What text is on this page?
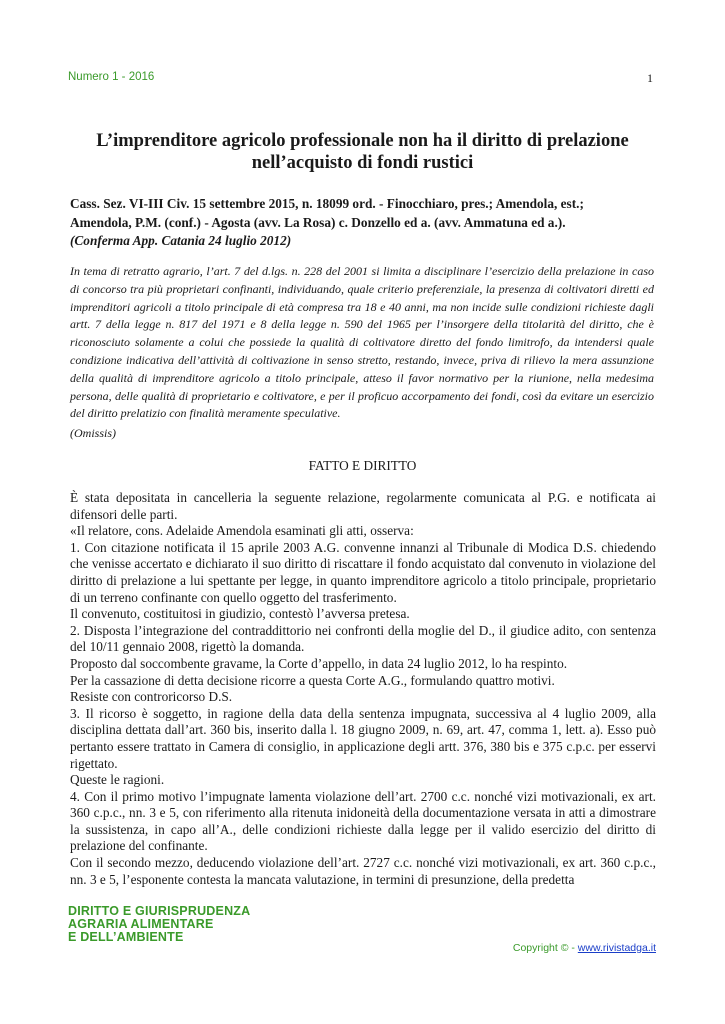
Numero 1 - 2016	1
L’imprenditore agricolo professionale non ha il diritto di prelazione nell’acquisto di fondi rustici
Cass. Sez. VI-III Civ. 15 settembre 2015, n. 18099 ord. - Finocchiaro, pres.; Amendola, est.;
Amendola, P.M. (conf.) - Agosta (avv. La Rosa) c. Donzello ed a. (avv. Ammatuna ed a.).
(Conferma App. Catania 24 luglio 2012)
In tema di retratto agrario, l’art. 7 del d.lgs. n. 228 del 2001 si limita a disciplinare l’esercizio della prelazione in caso di concorso tra più proprietari confinanti, individuando, quale criterio preferenziale, la presenza di coltivatori diretti ed imprenditori agricoli a titolo principale di età compresa tra 18 e 40 anni, ma non incide sulle condizioni richieste dagli artt. 7 della legge n. 817 del 1971 e 8 della legge n. 590 del 1965 per l’insorgere della titolarità del diritto, che è riconosciuto solamente a colui che possiede la qualità di coltivatore diretto del fondo limitrofo, da intendersi quale condizione indicativa dell’attività di coltivazione in senso stretto, restando, invece, priva di rilievo la mera assunzione della qualità di imprenditore agricolo a titolo principale, atteso il favor normativo per la riunione, nella medesima persona, delle qualità di proprietario e coltivatore, e per il proficuo accorpamento dei fondi, così da evitare un esercizio del diritto prelatizio con finalità meramente speculative.
(Omissis)
FATTO E DIRITTO

È stata depositata in cancelleria la seguente relazione, regolarmente comunicata al P.G. e notificata ai difensori delle parti.

«Il relatore, cons. Adelaide Amendola esaminati gli atti, osserva:

1. Con citazione notificata il 15 aprile 2003 A.G. convenne innanzi al Tribunale di Modica D.S. chiedendo che venisse accertato e dichiarato il suo diritto di riscattare il fondo acquistato dal convenuto in violazione del diritto di prelazione a lui spettante per legge, in quanto imprenditore agricolo a titolo principale, proprietario di un terreno confinante con quello oggetto del trasferimento.

Il convenuto, costituitosi in giudizio, contestò l’avversa pretesa.

2. Disposta l’integrazione del contraddittorio nei confronti della moglie del D., il giudice adito, con sentenza del 10/11 gennaio 2008, rigettò la domanda.

Proposto dal soccombente gravame, la Corte d’appello, in data 24 luglio 2012, lo ha respinto.

Per la cassazione di detta decisione ricorre a questa Corte A.G., formulando quattro motivi.

Resiste con controricorso D.S.

3. Il ricorso è soggetto, in ragione della data della sentenza impugnata, successiva al 4 luglio 2009, alla disciplina dettata dall’art. 360 bis, inserito dalla l. 18 giugno 2009, n. 69, art. 47, comma 1, lett. a). Esso può pertanto essere trattato in Camera di consiglio, in applicazione degli artt. 376, 380 bis e 375 c.p.c. per esservi rigettato.

Queste le ragioni.

4. Con il primo motivo l’impugnate lamenta violazione dell’art. 2700 c.c. nonché vizi motivazionali, ex art. 360 c.p.c., nn. 3 e 5, con riferimento alla ritenuta inidoneità della documentazione versata in atti a dimostrare la sussistenza, in capo all’A., delle condizioni richieste dalla legge per il valido esercizio del diritto di prelazione del confinante.

Con il secondo mezzo, deducendo violazione dell’art. 2727 c.c. nonché vizi motivazionali, ex art. 360 c.p.c., nn. 3 e 5, l’esponente contesta la mancata valutazione, in termini di presunzione, della predetta

DIRITTO E GIURISPRUDENZA
AGRARIA ALIMENTARE
E DELL’AMBIENTE
Copyright © - www.rivistadga.it
